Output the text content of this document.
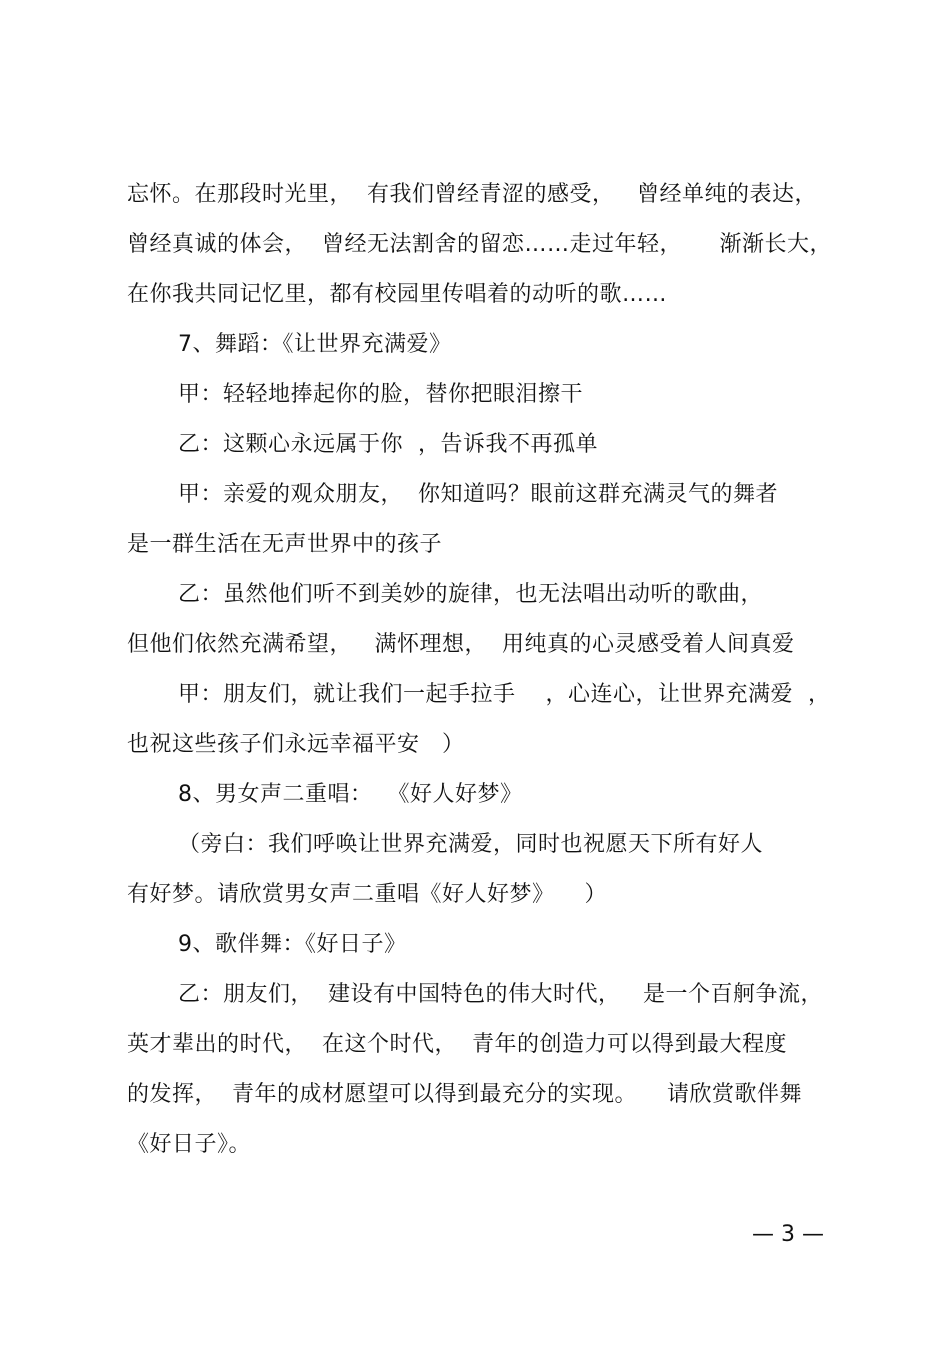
忘怀。在那段时光里，  有我们曾经青涩的感受，   曾经单纯的表达，
曾经真诚的体会，  曾经无法割舍的留恋……走过年轻，     渐渐长大，
在你我共同记忆里，都有校园里传唱着的动听的歌……
7、舞蹈：《让世界充满爱》
甲：轻轻地捧起你的脸，替你把眼泪擦干
乙：这颗心永远属于你  ，告诉我不再孤单
甲：亲爱的观众朋友，  你知道吗？眼前这群充满灵气的舞者
是一群生活在无声世界中的孩子
乙：虽然他们听不到美妙的旋律，也无法唱出动听的歌曲，
但他们依然充满希望，   满怀理想，  用纯真的心灵感受着人间真爱
甲：朋友们，就让我们一起手拉手    ，心连心，让世界充满爱  ，
也祝这些孩子们永远幸福平安   ）
8、男女声二重唱：  《好人好梦》
（旁白：我们呼唤让世界充满爱，同时也祝愿天下所有好人
有好梦。请欣赏男女声二重唱《好人好梦》    ）
9、歌伴舞：《好日子》
乙：朋友们，  建设有中国特色的伟大时代，   是一个百舸争流，
英才辈出的时代，  在这个时代，  青年的创造力可以得到最大程度
的发挥，  青年的成材愿望可以得到最充分的实现。    请欣赏歌伴舞
《好日子》。
— 3 —
